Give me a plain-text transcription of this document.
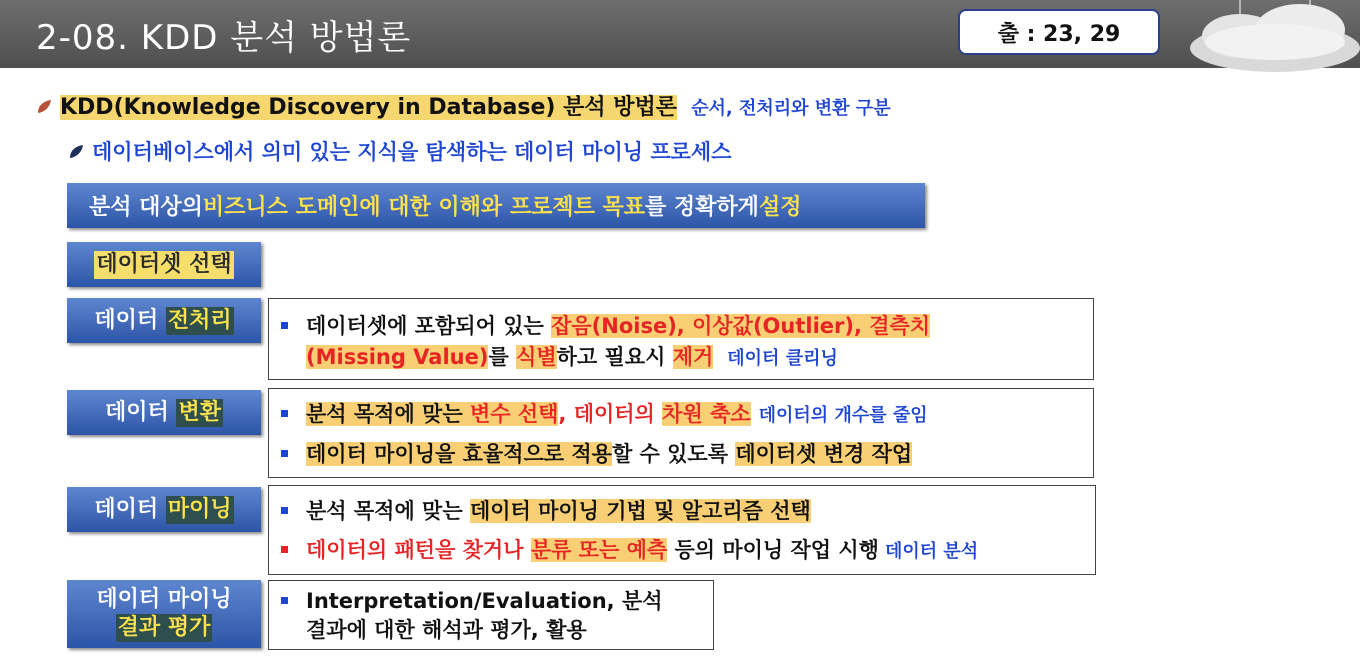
2-08. KDD 분석 방법론	출 : 23, 29
KDD(Knowledge Discovery in Database) 분석 방법론 순서, 전처리와 변환 구분
데이터베이스에서 의미 있는 지식을 탐색하는 데이터 마이닝 프로세스
분석 대상의 비즈니스 도메인에 대한 이해와 프로젝트 목표 를 정확하게 설정
데이터셋 선택
데이터
전처리	데이터셋에 포함되어 있는 잡음(Noise), 이상값(Outlier), 결측치
(Missing Value)를 식별하고 필요시 제거 데이터 클리닝
데이터
변환	분석 목적에 맞는 변수 선택, 데이터의 차원 축소 데이터의 개수를 줄임
데이터 마이닝을 효율적으로 적용할 수 있도록 데이터셋 변경 작업
데이터
마이닝	분석 목적에 맞는 데이터 마이닝 기법 및 알고리즘 선택
데이터의 패턴을 찾거나 분류 또는 예측 등의 마이닝 작업 시행 데이터 분석
데이터 마이닝
결과 평가
Interpretation/Evaluation, 분석
결과에 대한 해석과 평가, 활용
